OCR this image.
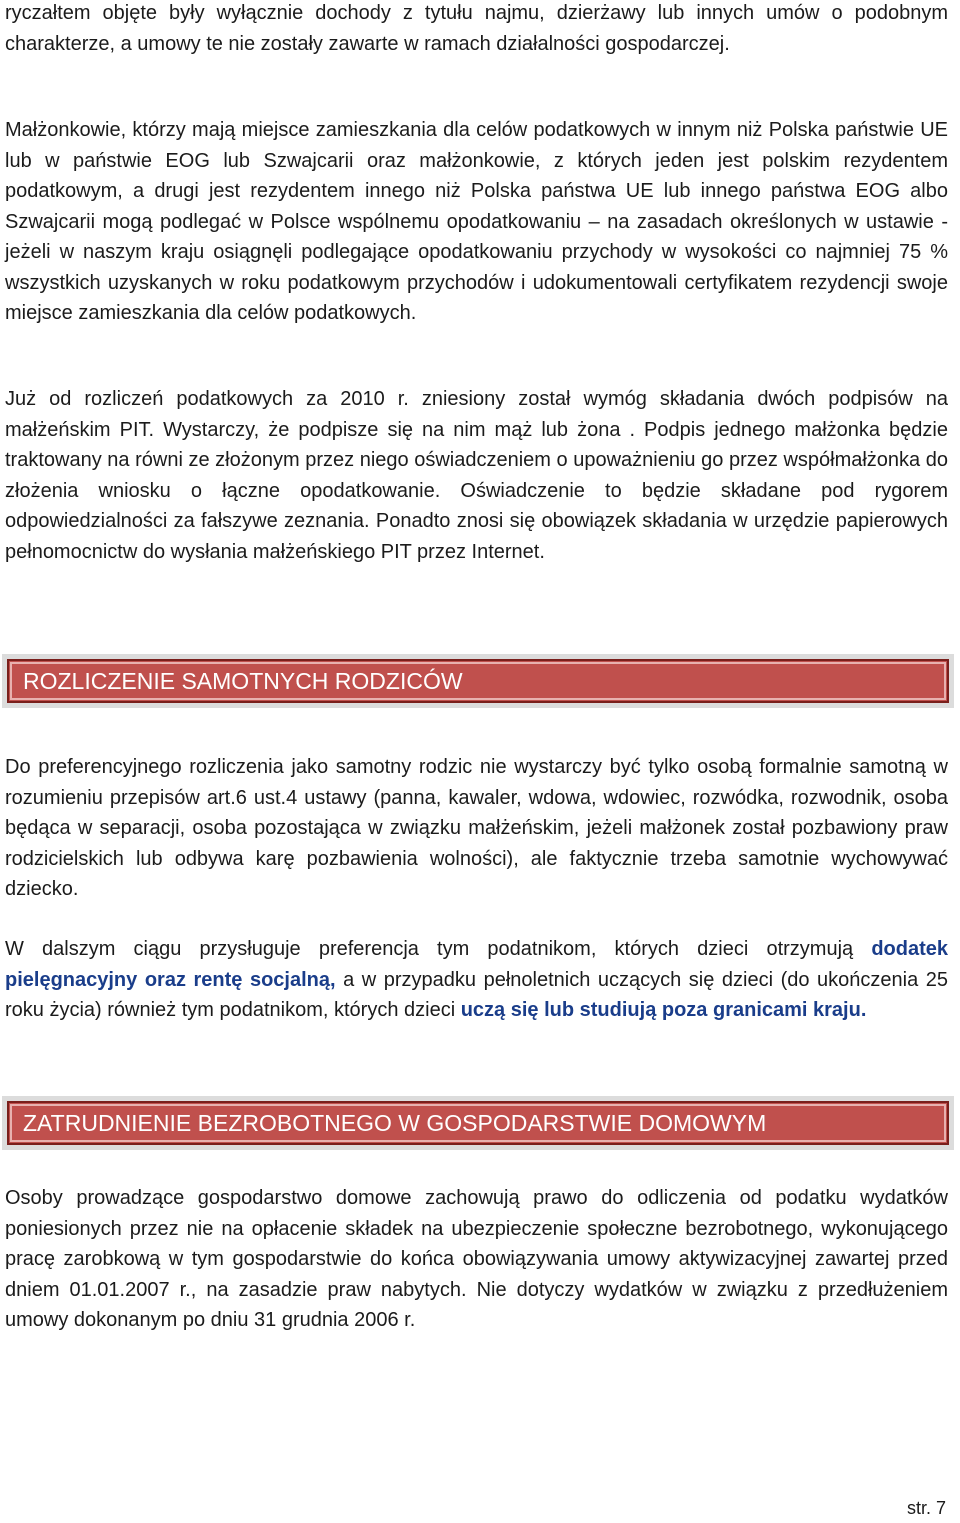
ryczałtem objęte były wyłącznie dochody z tytułu najmu, dzierżawy lub innych umów o podobnym charakterze, a umowy te nie zostały zawarte w ramach działalności gospodarczej.

Małżonkowie, którzy mają miejsce zamieszkania dla celów podatkowych w innym niż Polska państwie UE lub w państwie EOG lub Szwajcarii oraz małżonkowie, z których jeden jest polskim rezydentem podatkowym, a drugi jest rezydentem innego niż Polska państwa UE lub innego państwa EOG albo Szwajcarii mogą podlegać w Polsce wspólnemu opodatkowaniu – na zasadach określonych w ustawie - jeżeli w naszym kraju osiągnęli podlegające opodatkowaniu przychody w wysokości co najmniej 75 % wszystkich uzyskanych w roku podatkowym przychodów i udokumentowali certyfikatem rezydencji swoje miejsce zamieszkania dla celów podatkowych.

Już od rozliczeń podatkowych za 2010 r. zniesiony został wymóg składania dwóch podpisów na małżeńskim PIT. Wystarczy, że podpisze się na nim mąż lub żona . Podpis jednego małżonka będzie traktowany na równi ze złożonym przez niego oświadczeniem o upoważnieniu go przez współmałżonka do złożenia wniosku o łączne opodatkowanie. Oświadczenie to będzie składane pod rygorem odpowiedzialności za fałszywe zeznania. Ponadto znosi się obowiązek składania w urzędzie papierowych pełnomocnictw do wysłania małżeńskiego PIT przez Internet.

ROZLICZENIE SAMOTNYCH RODZICÓW

Do preferencyjnego rozliczenia jako samotny rodzic nie wystarczy być tylko osobą formalnie samotną w rozumieniu przepisów art.6 ust.4 ustawy (panna, kawaler, wdowa, wdowiec, rozwódka, rozwodnik, osoba będąca w separacji, osoba pozostająca w związku małżeńskim, jeżeli małżonek został pozbawiony praw rodzicielskich lub odbywa karę pozbawienia wolności), ale faktycznie trzeba samotnie wychowywać dziecko.

W dalszym ciągu przysługuje preferencja tym podatnikom, których dzieci otrzymują dodatek pielęgnacyjny oraz rentę socjalną, a w przypadku pełnoletnich uczących się dzieci (do ukończenia 25 roku życia) również tym podatnikom, których dzieci uczą się lub studiują poza granicami kraju.

ZATRUDNIENIE BEZROBOTNEGO W GOSPODARSTWIE DOMOWYM

Osoby prowadzące gospodarstwo domowe zachowują prawo do odliczenia od podatku wydatków poniesionych przez nie na opłacenie składek na ubezpieczenie społeczne bezrobotnego, wykonującego pracę zarobkową w tym gospodarstwie do końca obowiązywania umowy aktywizacyjnej zawartej przed dniem 01.01.2007 r., na zasadzie praw nabytych. Nie dotyczy wydatków w związku z przedłużeniem umowy dokonanym po dniu 31 grudnia 2006 r.

str. 7
